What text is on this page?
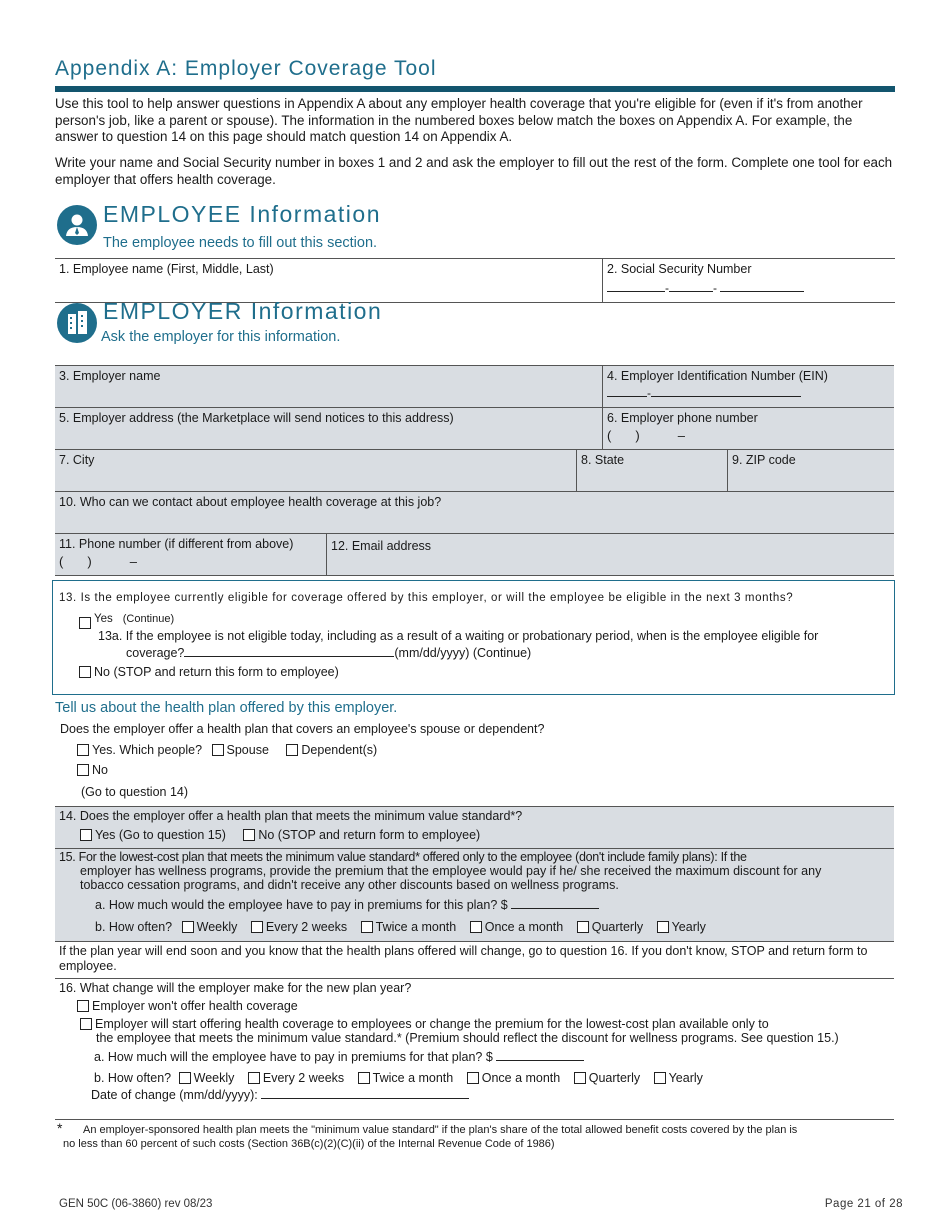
Appendix A: Employer Coverage Tool
Use this tool to help answer questions in Appendix A about any employer health coverage that you're eligible for (even if it's from another person's job, like a parent or spouse). The information in the numbered boxes below match the boxes on Appendix A. For example, the answer to question 14 on this page should match question 14 on Appendix A.
Write your name and Social Security number in boxes 1 and 2 and ask the employer to fill out the rest of the form. Complete one tool for each employer that offers health coverage.
EMPLOYEE Information
The employee needs to fill out this section.
1. Employee name (First, Middle, Last)	2. Social Security Number
-	-
EMPLOYER Information
Ask the employer for this information.
3. Employer name	4. Employer Identification Number (EIN)
-
5. Employer address (the Marketplace will send notices to this address)	6. Employer phone number
( )	–
7. City	8. State	9. ZIP code
10. Who can we contact about employee health coverage at this job?
11. Phone number (if different from above)
( )	–
12. Email address
13. Is the employee currently eligible for coverage offered by this employer, or will the employee be eligible in the next 3 months?
Yes (Continue)
13a. If the employee is not eligible today, including as a result of a waiting or probationary period, when is the employee eligible for
coverage?	(mm/dd/yyyy) (Continue)
No (STOP and return this form to employee)
Tell us about the health plan offered by this employer.
Does the employer offer a health plan that covers an employee's spouse or dependent?
Yes. Which people? Spouse	Dependent(s)
No
(Go to question 14)
14. Does the employer offer a health plan that meets the minimum value standard*?
Yes (Go to question 15)	No (STOP and return form to employee)
15. For the lowest-cost plan that meets the minimum value standard* offered only to the employee (don't include family plans): If the
employer has wellness programs, provide the premium that the employee would pay if he/ she received the maximum discount for any
tobacco cessation programs, and didn't receive any other discounts based on wellness programs.
a. How much would the employee have to pay in premiums for this plan? $
b. How often? Weekly Every 2 weeks Twice a month Once a month Quarterly Yearly
If the plan year will end soon and you know that the health plans offered will change, go to question 16. If you don't know, STOP and return form to employee.
16. What change will the employer make for the new plan year?
Employer won't offer health coverage
Employer will start offering health coverage to employees or change the premium for the lowest-cost plan available only to
the employee that meets the minimum value standard.* (Premium should reflect the discount for wellness programs. See question 15.)
a. How much will the employee have to pay in premiums for that plan? $
b. How often? Weekly Every 2 weeks Twice a month Once a month Quarterly Yearly
Date of change (mm/dd/yyyy):
*	An employer-sponsored health plan meets the "minimum value standard" if the plan's share of the total allowed benefit costs covered by the plan is
no less than 60 percent of such costs (Section 36B(c)(2)(C)(ii) of the Internal Revenue Code of 1986)
GEN 50C (06-3860) rev 08/23	Page 21 of 28
